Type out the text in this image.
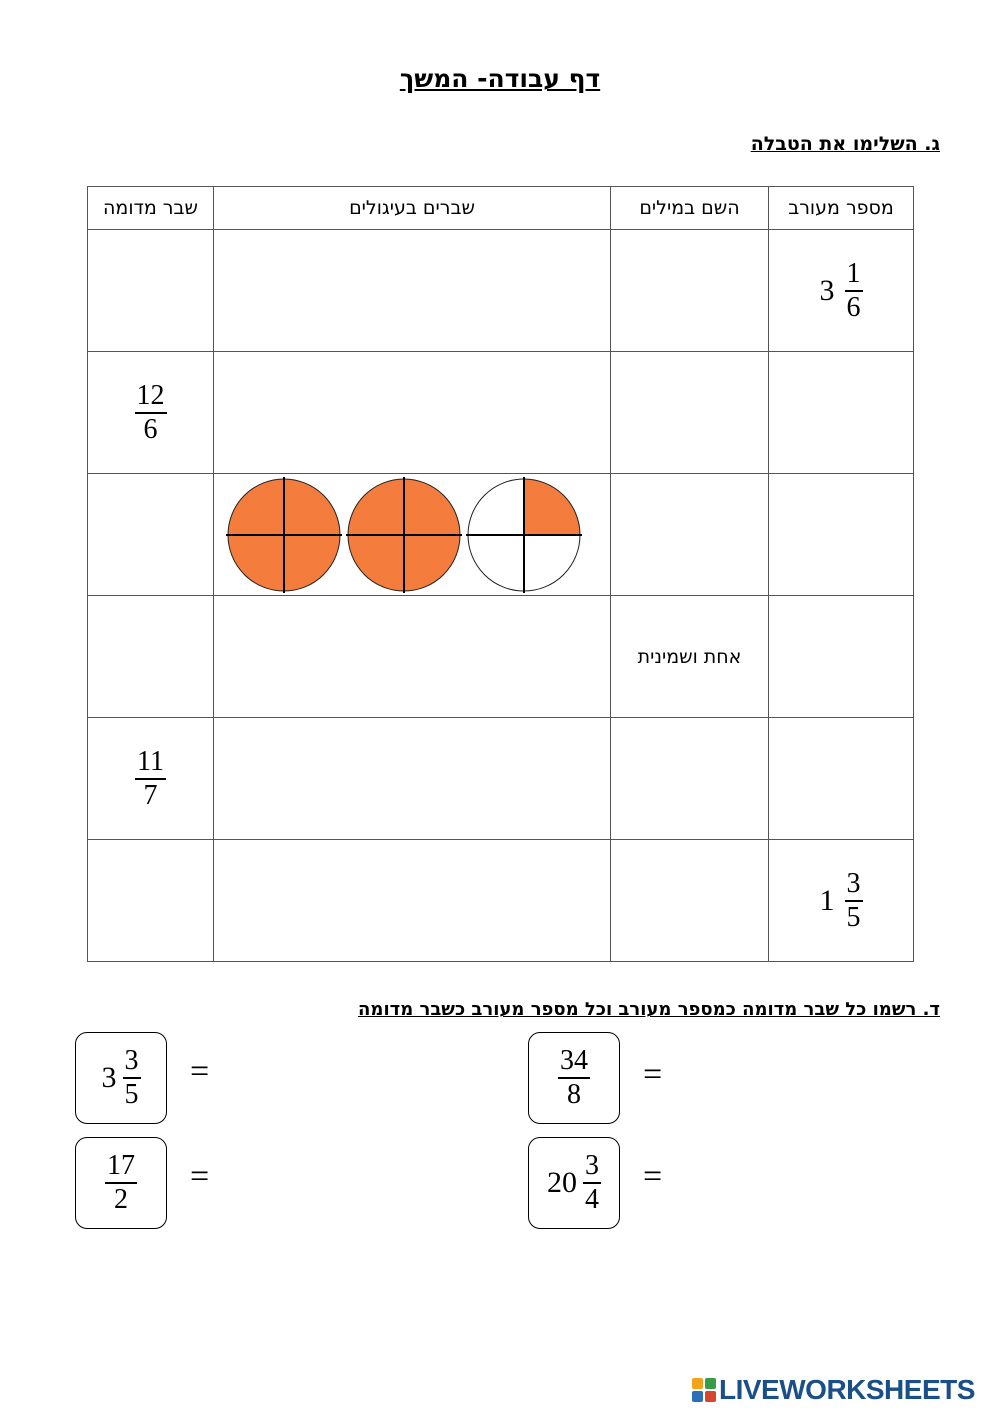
דף עבודה- המשך
ג. השלימו את הטבלה
מספר מעורב	השם במילים	שברים בעיגולים	שבר מדומה

$3 \frac{1}{6}$

			$\frac{12}{6}$

	אחת ושמינית		

			$\frac{11}{7}$

$1 \frac{3}{5}$

ד. רשמו כל שבר מדומה כמספר מעורב וכל מספר מעורב כשבר מדומה
$\frac{34}{8}$ =
$3 \frac{3}{5}$ =
$20 \frac{3}{4}$ =
$\frac{17}{2}$ =
LIVEWORKSHEETS
